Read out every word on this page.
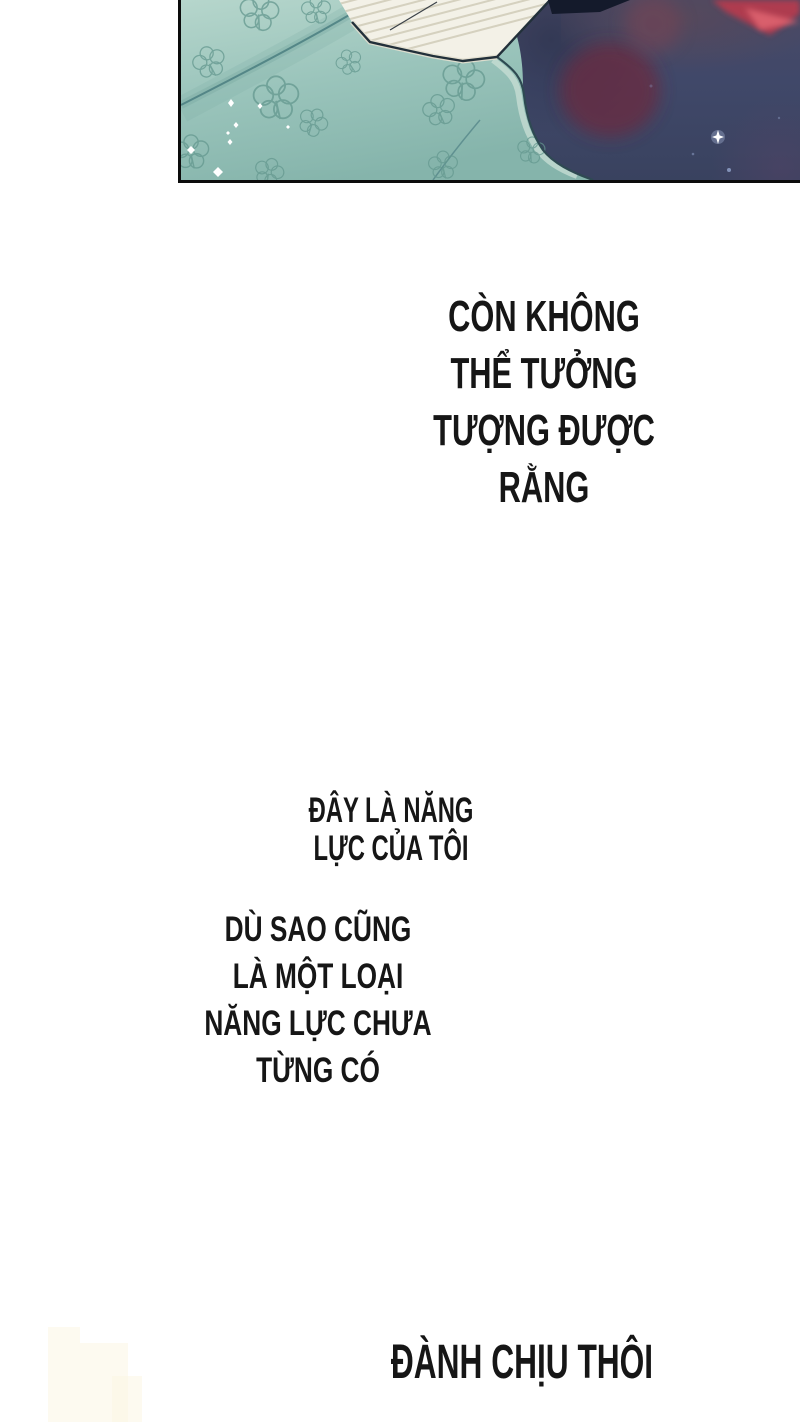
CÒN KHÔNG
THỂ TƯỞNG
TƯỢNG ĐƯỢC
RẰNG
ĐÂY LÀ NĂNG
LỰC CỦA TÔI
DÙ SAO CŨNG
LÀ MỘT LOẠI
NĂNG LỰC CHƯA
TỪNG CÓ
ĐÀNH CHỊU THÔI
